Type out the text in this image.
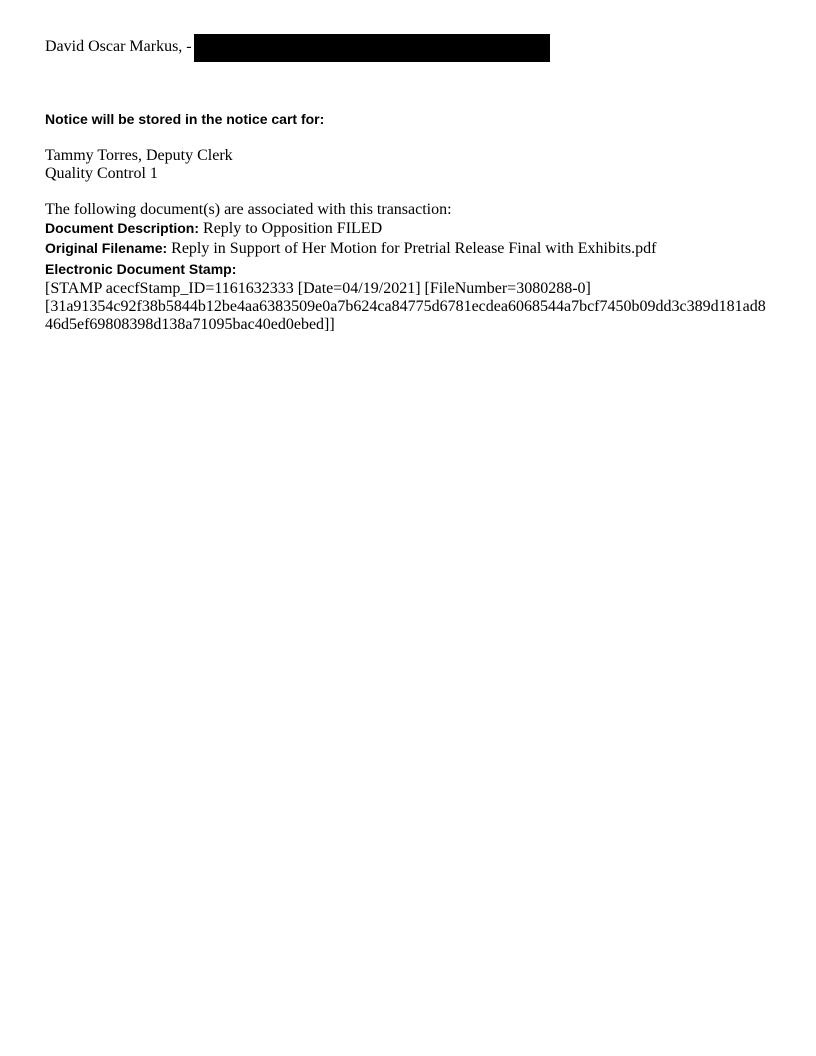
David Oscar Markus, -
Notice will be stored in the notice cart for:
Tammy Torres, Deputy Clerk
Quality Control 1
The following document(s) are associated with this transaction:
Document Description: Reply to Opposition FILED
Original Filename: Reply in Support of Her Motion for Pretrial Release Final with Exhibits.pdf
Electronic Document Stamp:
[STAMP acecfStamp_ID=1161632333 [Date=04/19/2021] [FileNumber=3080288-0]
[31a91354c92f38b5844b12be4aa6383509e0a7b624ca84775d6781ecdea6068544a7bcf7450b09dd3c389d181ad8
46d5ef69808398d138a71095bac40ed0ebed]]
